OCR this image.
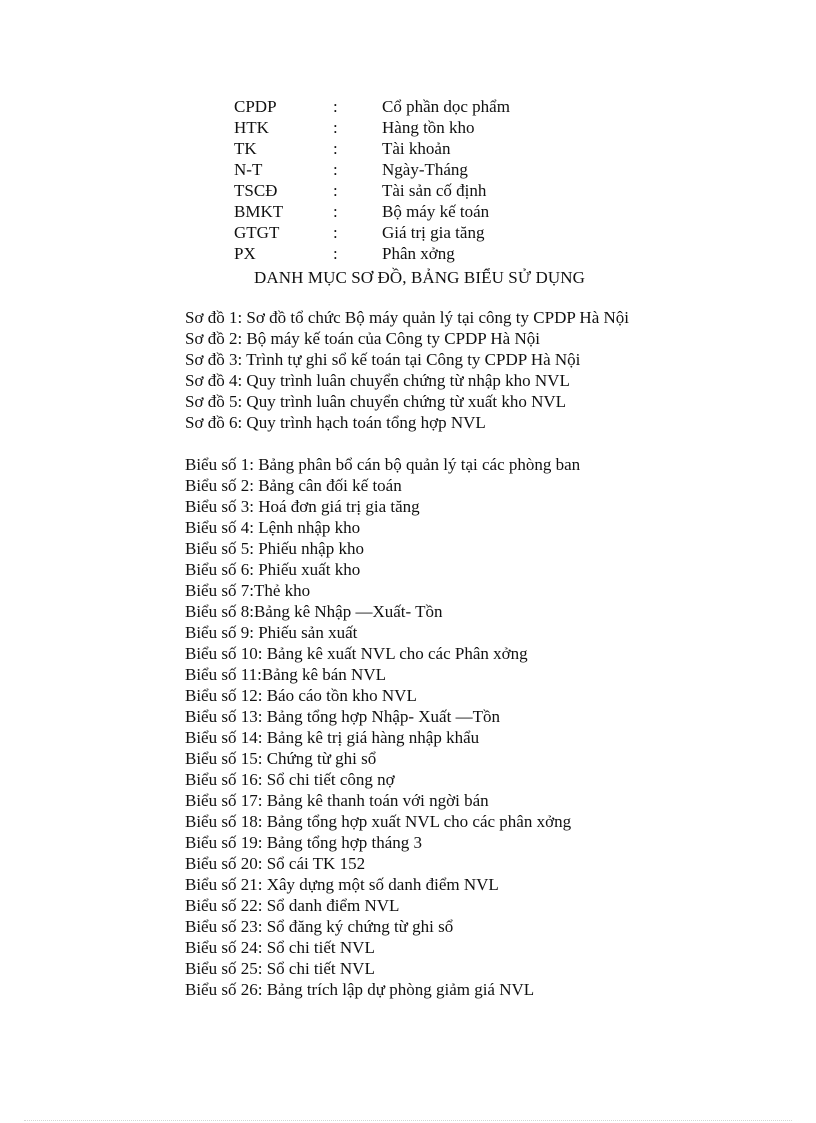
CPDP	:	Cổ phần dọc phẩm
HTK	:	Hàng tồn kho
TK	:	Tài khoản
N-T	:	Ngày-Tháng
TSCĐ	:	Tài sản cố định
BMKT	:	Bộ máy kế toán
GTGT	:	Giá trị gia tăng
PX	:	Phân xởng
DANH MỤC SƠ ĐỒ, BẢNG BIỂU SỬ DỤNG
Sơ đồ 1: Sơ đồ tổ chức Bộ máy quản lý tại công ty CPDP Hà Nội
Sơ đồ 2: Bộ máy kế toán của Công ty CPDP Hà Nội
Sơ đồ 3: Trình tự ghi sổ kế toán tại Công ty CPDP Hà Nội
Sơ đồ 4: Quy trình luân chuyển chứng từ nhập kho NVL
Sơ đồ 5: Quy trình luân chuyển chứng từ xuất kho NVL
Sơ đồ 6: Quy trình hạch toán tổng hợp NVL
Biểu số 1: Bảng phân bổ cán bộ quản lý tại các phòng ban
Biểu số 2: Bảng cân đối kế toán
Biểu số 3: Hoá đơn giá trị gia tăng
Biểu số 4: Lệnh nhập kho
Biểu số 5: Phiếu nhập kho
Biểu số 6: Phiếu xuất kho
Biểu số 7:Thẻ kho
Biểu số 8:Bảng kê Nhập —Xuất- Tồn
Biểu số 9: Phiếu sản xuất
Biểu số 10: Bảng kê xuất NVL cho các Phân xởng
Biểu số 11:Bảng kê bán NVL
Biểu số 12: Báo cáo tồn kho NVL
Biểu số 13: Bảng tổng hợp Nhập- Xuất —Tồn
Biểu số 14: Bảng kê trị giá hàng nhập khẩu
Biểu số 15: Chứng từ ghi sổ
Biểu số 16: Sổ chi tiết công nợ
Biểu số 17: Bảng kê thanh toán với ngời bán
Biểu số 18: Bảng tổng hợp xuất NVL cho các phân xởng
Biểu số 19: Bảng tổng hợp tháng 3
Biểu số 20: Sổ cái TK 152
Biểu số 21: Xây dựng một số danh điểm NVL
Biểu số 22: Sổ danh điểm NVL
Biểu số 23: Sổ đăng ký chứng từ ghi sổ
Biểu số 24: Sổ chi tiết NVL
Biểu số 25: Sổ chi tiết NVL
Biểu số 26: Bảng trích lập dự phòng giảm giá NVL
